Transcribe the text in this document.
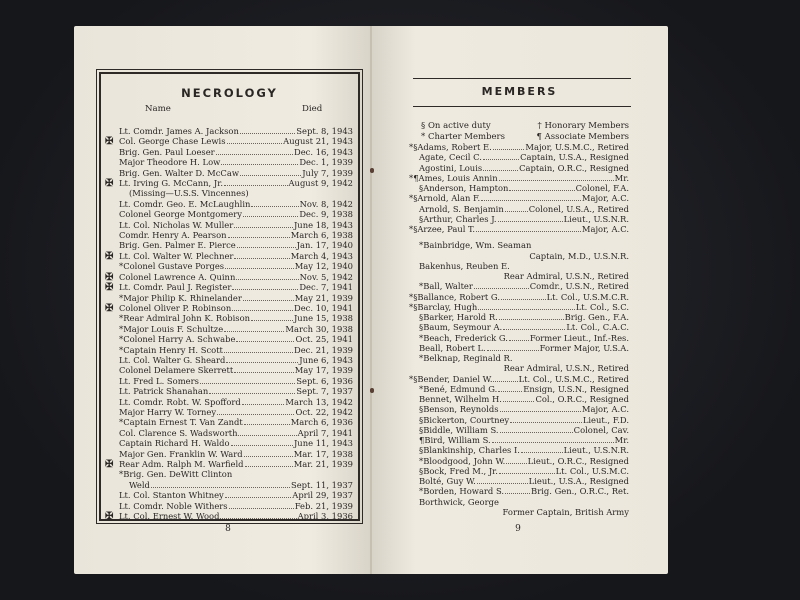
NECROLOGY
Name	Died
Lt. Comdr. James A. Jackson	Sept. 8, 1943
✠ Col. George Chase Lewis	August 21, 1943
Brig. Gen. Paul Loeser	Dec. 16, 1943
Major Theodore H. Low	Dec. 1, 1939
Brig. Gen. Walter D. McCaw	July 7, 1939
✠ Lt. Irving G. McCann, Jr.	August 9, 1942
(Missing—U.S.S. Vincennes)
Lt. Comdr. Geo. E. McLaughlin	Nov. 8, 1942
Colonel George Montgomery	Dec. 9, 1938
Lt. Col. Nicholas W. Muller	June 18, 1943
Comdr. Henry A. Pearson	March 6, 1938
Brig. Gen. Palmer E. Pierce	Jan. 17, 1940
✠ Lt. Col. Walter W. Plechner	March 4, 1943
*Colonel Gustave Porges	May 12, 1940
✠ Colonel Lawrence A. Quinn	Nov. 5, 1942
✠ Lt. Comdr. Paul J. Register	Dec. 7, 1941
*Major Philip K. Rhinelander	May 21, 1939
✠ Colonel Oliver P. Robinson	Dec. 10, 1941
*Rear Admiral John K. Robison	June 15, 1938
*Major Louis F. Schultze	March 30, 1938
*Colonel Harry A. Schwabe	Oct. 25, 1941
*Captain Henry H. Scott	Dec. 21, 1939
Lt. Col. Walter G. Sheard	June 6, 1943
Colonel Delamere Skerrett	May 17, 1939
Lt. Fred L. Somers	Sept. 6, 1936
Lt. Patrick Shanahan	Sept. 7, 1937
Lt. Comdr. Robt. W. Spofford	March 13, 1942
Major Harry W. Torney	Oct. 22, 1942
*Captain Ernest T. Van Zandt	March 6, 1936
Col. Clarence S. Wadsworth	April 7, 1941
Captain Richard H. Waldo	June 11, 1943
Major Gen. Franklin W. Ward	Mar. 17, 1938
✠ Rear Adm. Ralph M. Warfield	Mar. 21, 1939
*Brig. Gen. DeWitt Clinton
Weld	Sept. 11, 1937
Lt. Col. Stanton Whitney	April 29, 1937
Lt. Comdr. Noble Withers	Feb. 21, 1939
✠ Lt. Col. Ernest W. Wood	April 3, 1936
8
MEMBERS
§ On active duty	† Honorary Members
* Charter Members	¶ Associate Members
*§Adams, Robert E.	Major, U.S.M.C., Retired
Agate, Cecil C.	Captain, U.S.A., Resigned
Agostini, Louis	Captain, O.R.C., Resigned
*¶Ames, Louis Annin	Mr.
§Anderson, Hampton	Colonel, F.A.
*§Arnold, Alan F.	Major, A.C.
Arnold, S. Benjamin	Colonel, U.S.A., Retired
§Arthur, Charles J.	Lieut., U.S.N.R.
*§Arzee, Paul T.	Major, A.C.
*Bainbridge, Wm. Seaman
Captain, M.D., U.S.N.R.
Bakenhus, Reuben E.
Rear Admiral, U.S.N., Retired
*Ball, Walter	Comdr., U.S.N., Retired
*§Ballance, Robert G.	Lt. Col., U.S.M.C.R.
*§Barclay, Hugh	Lt. Col., S.C.
§Barker, Harold R.	Brig. Gen., F.A.
§Baum, Seymour A.	Lt. Col., C.A.C.
*Beach, Frederick G.	Former Lieut., Inf.-Res.
Beall, Robert L.	Former Major, U.S.A.
*Belknap, Reginald R.
Rear Admiral, U.S.N., Retired
*§Bender, Daniel W.	Lt. Col., U.S.M.C., Retired
*Bené, Edmund G.	Ensign, U.S.N., Resigned
Bennet, Wilhelm H.	Col., O.R.C., Resigned
§Benson, Reynolds	Major, A.C.
§Bickerton, Courtney	Lieut., F.D.
§Biddle, William S.	Colonel, Cav.
¶Bird, William S.	Mr.
§Blankinship, Charles I.	Lieut., U.S.N.R.
*Bloodgood, John W.	Lieut., O.R.C., Resigned
§Bock, Fred M., Jr.	Lt. Col., U.S.M.C.
Bolté, Guy W.	Lieut., U.S.A., Resigned
*Borden, Howard S.	Brig. Gen., O.R.C., Ret.
Borthwick, George
Former Captain, British Army
9
